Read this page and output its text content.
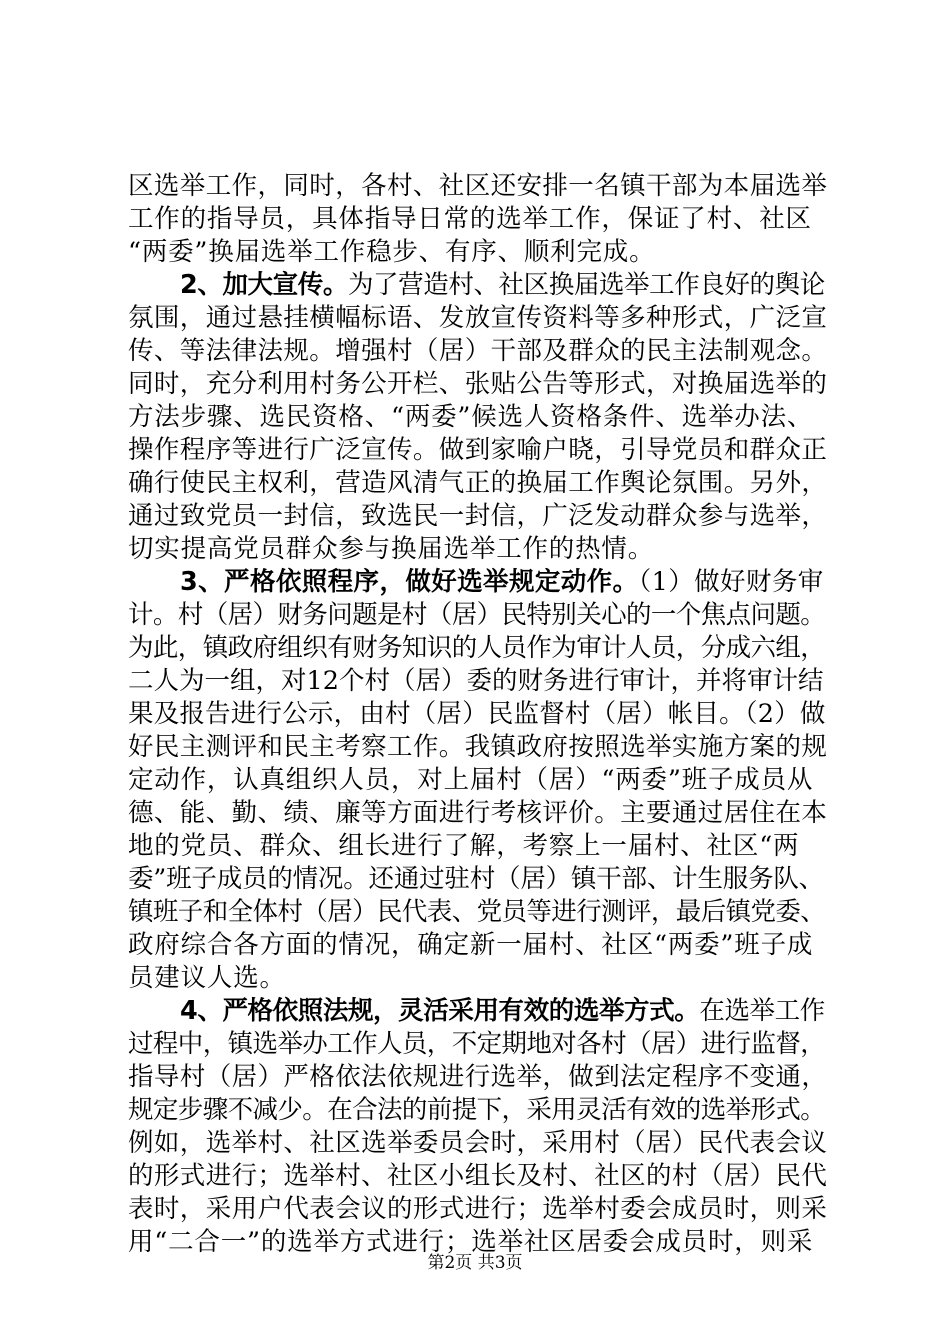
区选举工作，同时，各村、社区还安排一名镇干部为本届选举
工作的指导员，具体指导日常的选举工作，保证了村、社区
“两委”换届选举工作稳步、有序、顺利完成。
2、加大宣传。为了营造村、社区换届选举工作良好的舆论
氛围，通过悬挂横幅标语、发放宣传资料等多种形式，广泛宣
传、等法律法规。增强村（居）干部及群众的民主法制观念。
同时，充分利用村务公开栏、张贴公告等形式，对换届选举的
方法步骤、选民资格、“两委”候选人资格条件、选举办法、
操作程序等进行广泛宣传。做到家喻户晓，引导党员和群众正
确行使民主权利，营造风清气正的换届工作舆论氛围。另外，
通过致党员一封信，致选民一封信，广泛发动群众参与选举，
切实提高党员群众参与换届选举工作的热情。
3、严格依照程序，做好选举规定动作。（1）做好财务审
计。村（居）财务问题是村（居）民特别关心的一个焦点问题。
为此，镇政府组织有财务知识的人员作为审计人员，分成六组，
二人为一组，对12个村（居）委的财务进行审计，并将审计结
果及报告进行公示，由村（居）民监督村（居）帐目。（2）做
好民主测评和民主考察工作。我镇政府按照选举实施方案的规
定动作，认真组织人员，对上届村（居）“两委”班子成员从
德、能、勤、绩、廉等方面进行考核评价。主要通过居住在本
地的党员、群众、组长进行了解，考察上一届村、社区“两
委”班子成员的情况。还通过驻村（居）镇干部、计生服务队、
镇班子和全体村（居）民代表、党员等进行测评，最后镇党委、
政府综合各方面的情况，确定新一届村、社区“两委”班子成
员建议人选。
4、严格依照法规，灵活采用有效的选举方式。在选举工作
过程中，镇选举办工作人员，不定期地对各村（居）进行监督，
指导村（居）严格依法依规进行选举，做到法定程序不变通，
规定步骤不减少。在合法的前提下，采用灵活有效的选举形式。
例如，选举村、社区选举委员会时，采用村（居）民代表会议
的形式进行；选举村、社区小组长及村、社区的村（居）民代
表时，采用户代表会议的形式进行；选举村委会成员时，则采
用“二合一”的选举方式进行；选举社区居委会成员时，则采
第2页 共3页
